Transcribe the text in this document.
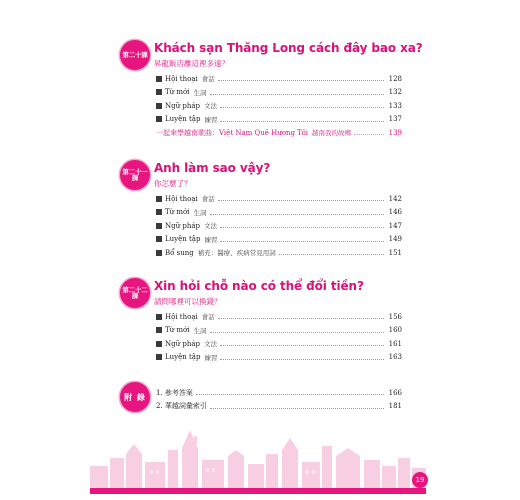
第二十課 Khách sạn Thăng Long cách đây bao xa?
昇龍飯店離這裡多遠？
Hội thoại 會話	128
Từ mới 生詞	132
Ngữ pháp 文法	133
Luyện tập 練習	137
一起來學越南歌曲：Việt Nam Quê Hương Tôi 越南我的故鄉	139
第二十一課
Anh làm sao vậy?
你怎麼了？
Hội thoại 會話	142
Từ mới 生詞	146
Ngữ pháp 文法	147
Luyện tập 練習	149
Bổ sung 補充：醫療、疾病常見用詞	151
第二十二課
Xin hỏi chỗ nào có thể đổi tiền?
請問哪裡可以換錢？
Hội thoại 會話	156
Từ mới 生詞	160
Ngữ pháp 文法	161
Luyện tập 練習	163
附 錄	1. 參考答案	166
2. 華越詞彙索引	181
19
